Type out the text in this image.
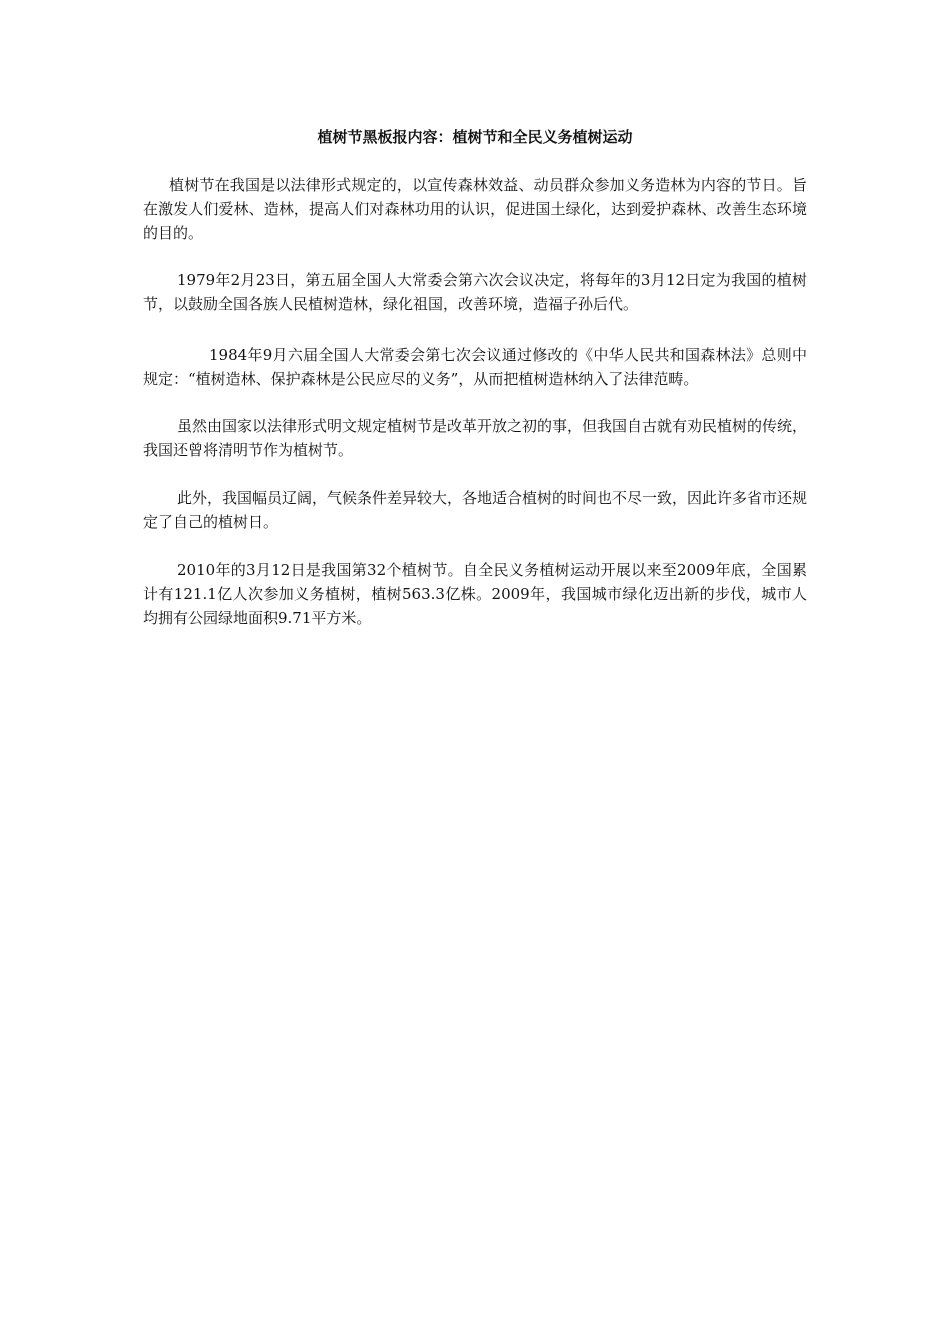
植树节黑板报内容：植树节和全民义务植树运动

植树节在我国是以法律形式规定的，以宣传森林效益、动员群众参加义务造林为内容的节日。旨在激发人们爱林、造林，提高人们对森林功用的认识，促进国土绿化，达到爱护森林、改善生态环境的目的。

1979年2月23日，第五届全国人大常委会第六次会议决定，将每年的3月12日定为我国的植树节，以鼓励全国各族人民植树造林，绿化祖国，改善环境，造福子孙后代。

1984年9月六届全国人大常委会第七次会议通过修改的《中华人民共和国森林法》总则中规定：“植树造林、保护森林是公民应尽的义务”，从而把植树造林纳入了法律范畴。

虽然由国家以法律形式明文规定植树节是改革开放之初的事，但我国自古就有劝民植树的传统，我国还曾将清明节作为植树节。

此外，我国幅员辽阔，气候条件差异较大，各地适合植树的时间也不尽一致，因此许多省市还规定了自己的植树日。

2010年的3月12日是我国第32个植树节。自全民义务植树运动开展以来至2009年底，全国累计有121.1亿人次参加义务植树，植树563.3亿株。2009年，我国城市绿化迈出新的步伐，城市人均拥有公园绿地面积9.71平方米。
